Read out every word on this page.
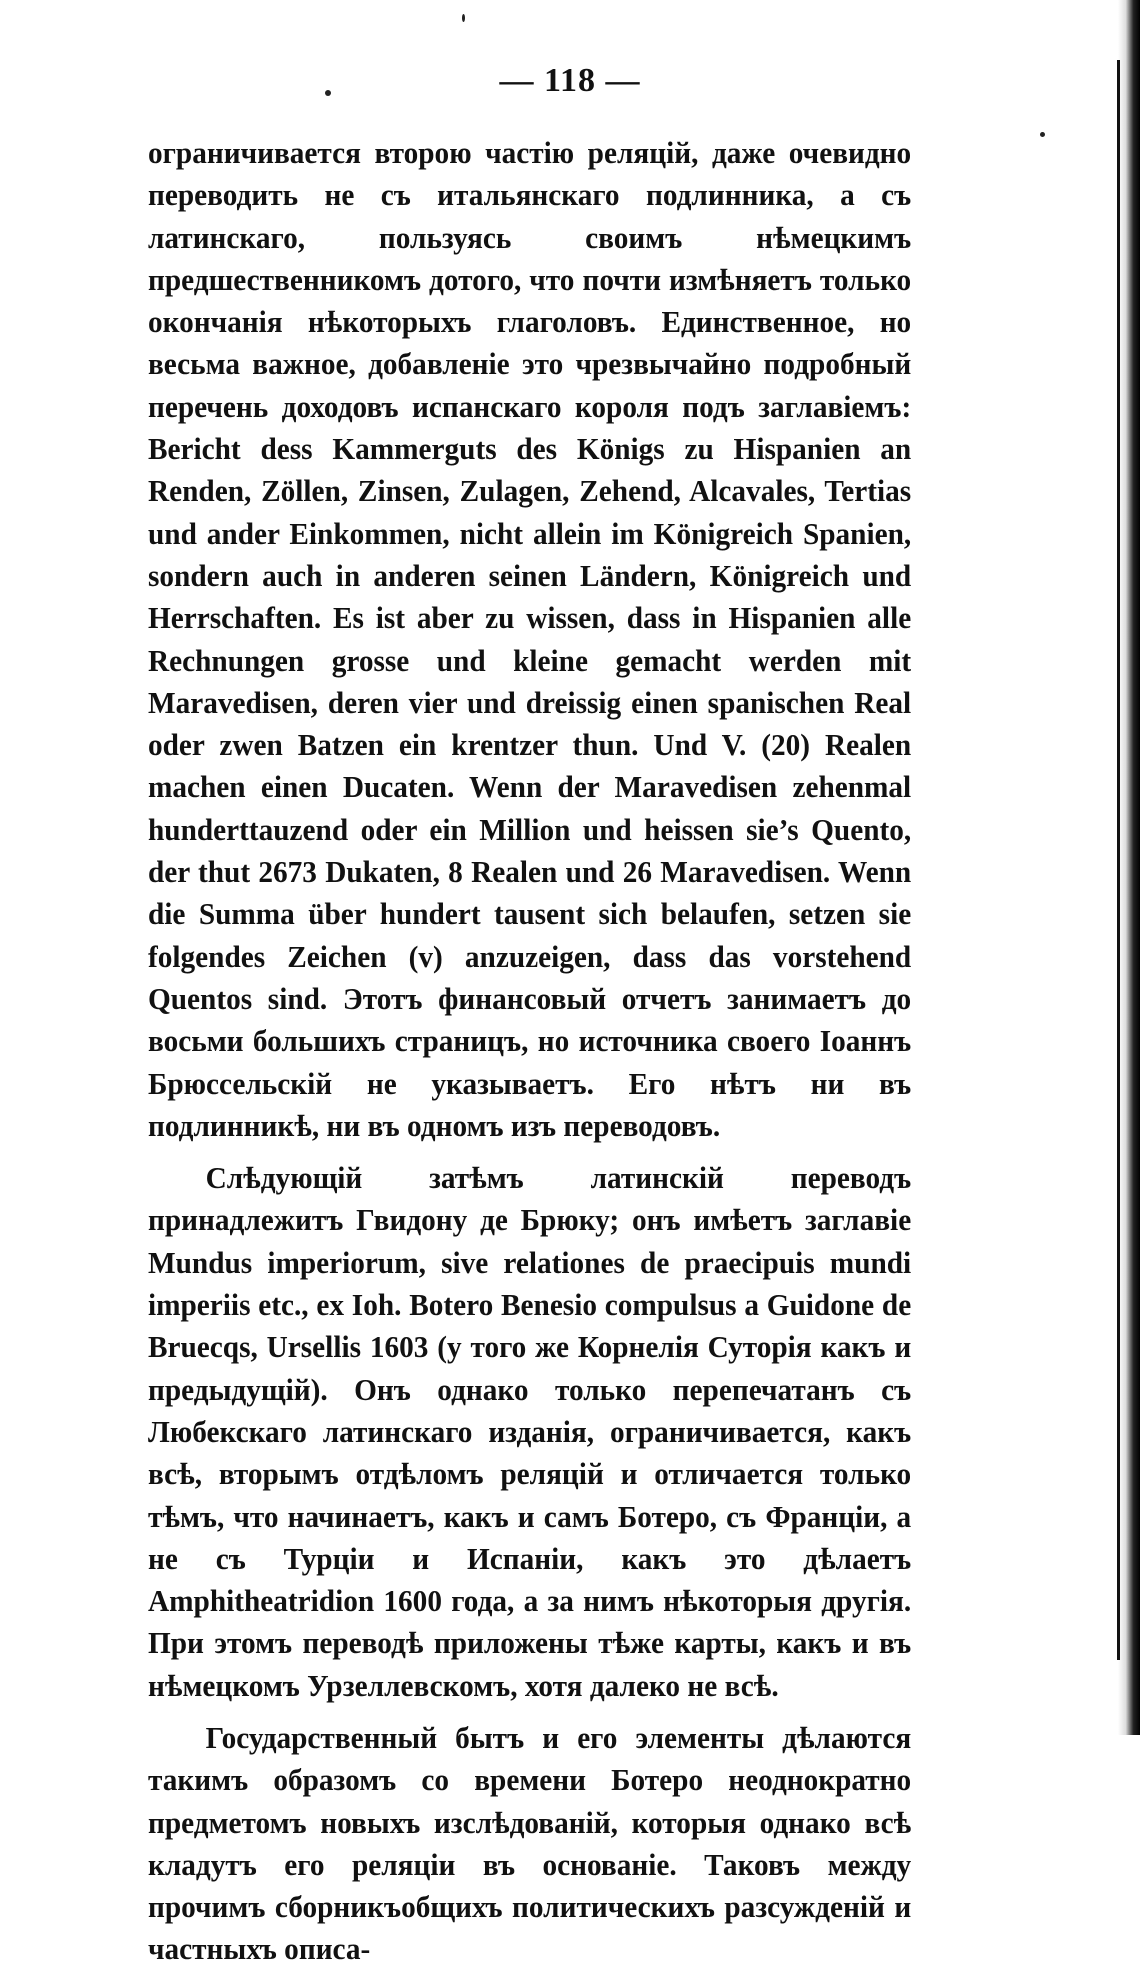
— 118 —

ограничивается второю частію реляцій, даже очевидно переводить не съ итальянскаго подлинника, а съ латинскаго, пользуясь своимъ нѣмецкимъ предшественникомъ дотого, что почти измѣняетъ только окончанія нѣкоторыхъ глаголовъ. Единственное, но весьма важное, добавленіе это чрезвычайно подробный перечень доходовъ испанскаго короля подъ заглавіемъ: Bericht dess Kammerguts des Königs zu Hispanien an Renden, Zöllen, Zinsen, Zulagen, Zehend, Alcavales, Tertias und ander Einkommen, nicht allein im Königreich Spanien, sondern auch in anderen seinen Ländern, Königreich und Herrschaften. Es ist aber zu wissen, dass in Hispanien alle Rechnungen grosse und kleine gemacht werden mit Maravedisen, deren vier und dreissig einen spanischen Real oder zwen Batzen ein krentzer thun. Und V. (20) Realen machen einen Ducaten. Wenn der Maravedisen zehenmal hunderttauzend oder ein Million und heissen sie’s Quento, der thut 2673 Dukaten, 8 Realen und 26 Maravedisen. Wenn die Summa über hundert tausent sich belaufen, setzen sie folgendes Zeichen (v) anzuzeigen, dass das vorstehend Quentos sind. Этотъ финансовый отчетъ занимаетъ до восьми большихъ страницъ, но источника своего Іоаннъ Брюссельскій не указываетъ. Его нѣтъ ни въ подлинникѣ, ни въ одномъ изъ переводовъ.

Слѣдующій затѣмъ латинскій переводъ принадлежитъ Гвидону де Брюку; онъ имѣетъ заглавіе Mundus imperiorum, sive relationes de praecipuis mundi imperiis etc., ex Ioh. Botero Benesio compulsus a Guidone de Bruecqs, Ursellis 1603 (у того же Корнелія Суторія какъ и предыдущій). Онъ однако только перепечатанъ съ Любекскаго латинскаго изданія, ограничивается, какъ всѣ, вторымъ отдѣломъ реляцій и отличается только тѣмъ, что начинаетъ, какъ и самъ Ботеро, съ Франціи, а не съ Турціи и Испаніи, какъ это дѣлаетъ Amphitheatridion 1600 года, а за нимъ нѣкоторыя другія. При этомъ переводѣ приложены тѣже карты, какъ и въ нѣмецкомъ Урзеллевскомъ, хотя далеко не всѣ.

Государственный бытъ и его элементы дѣлаются такимъ образомъ со времени Ботеро неоднократно предметомъ новыхъ изслѣдованій, которыя однако всѣ кладутъ его реляціи въ основаніе. Таковъ между прочимъ сборникъобщихъ политическихъ разсужденій и частныхъ описа-
